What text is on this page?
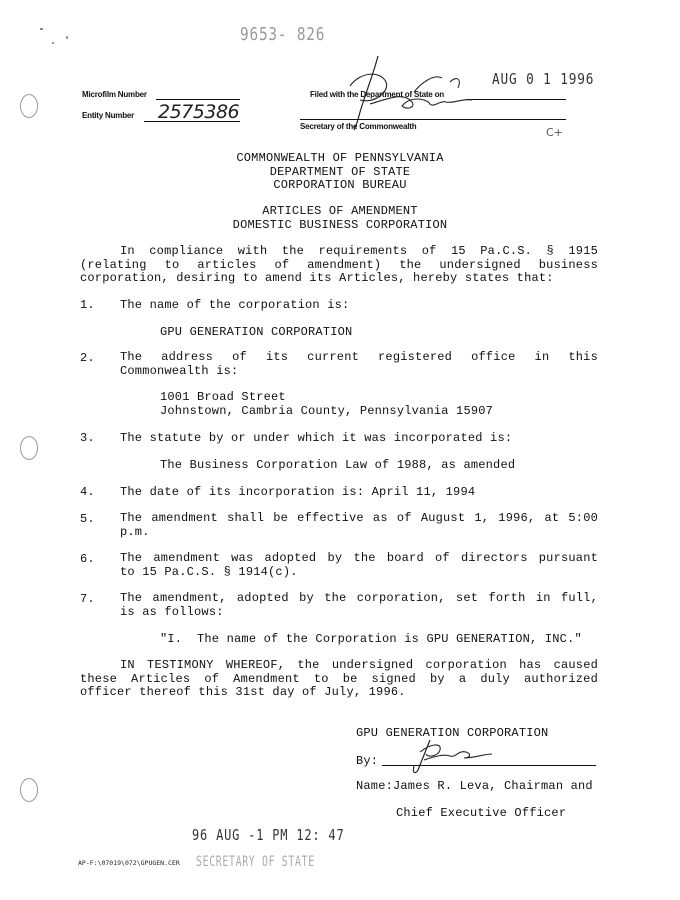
9653- 826
AUG 0 1 1996
Microfilm Number
Entity Number 2575386
Filed with the Department of State on
Secretary of the Commonwealth	C+

COMMONWEALTH OF PENNSYLVANIA

DEPARTMENT OF STATE

CORPORATION BUREAU

ARTICLES OF AMENDMENT

DOMESTIC BUSINESS CORPORATION

In compliance with the requirements of 15 Pa.C.S. § 1915

(relating to articles of amendment) the undersigned business

corporation, desiring to amend its Articles, hereby states that:

1. The name of the corporation is:
GPU GENERATION CORPORATION
2. The address of its current registered office in this

Commonwealth is:

1001 Broad Street

Johnstown, Cambria County, Pennsylvania 15907

3. The statute by or under which it was incorporated is:
The Business Corporation Law of 1988, as amended
4. The date of its incorporation is: April 11, 1994
5. The amendment shall be effective as of August 1, 1996, at 5:00

p.m.

6. The amendment was adopted by the board of directors pursuant

to 15 Pa.C.S. § 1914(c).

7. The amendment, adopted by the corporation, set forth in full,

is as follows:

"I.  The name of the Corporation is GPU GENERATION, INC."

IN TESTIMONY WHEREOF, the undersigned corporation has caused

these Articles of Amendment to be signed by a duly authorized

officer thereof this 31st day of July, 1996.

GPU GENERATION CORPORATION
By:
Name:James R. Leva, Chairman and
Chief Executive Officer
96 AUG -1 PM 12: 47
SECRETARY OF STATE
AP-F:\07019\072\GPUGEN.CER
